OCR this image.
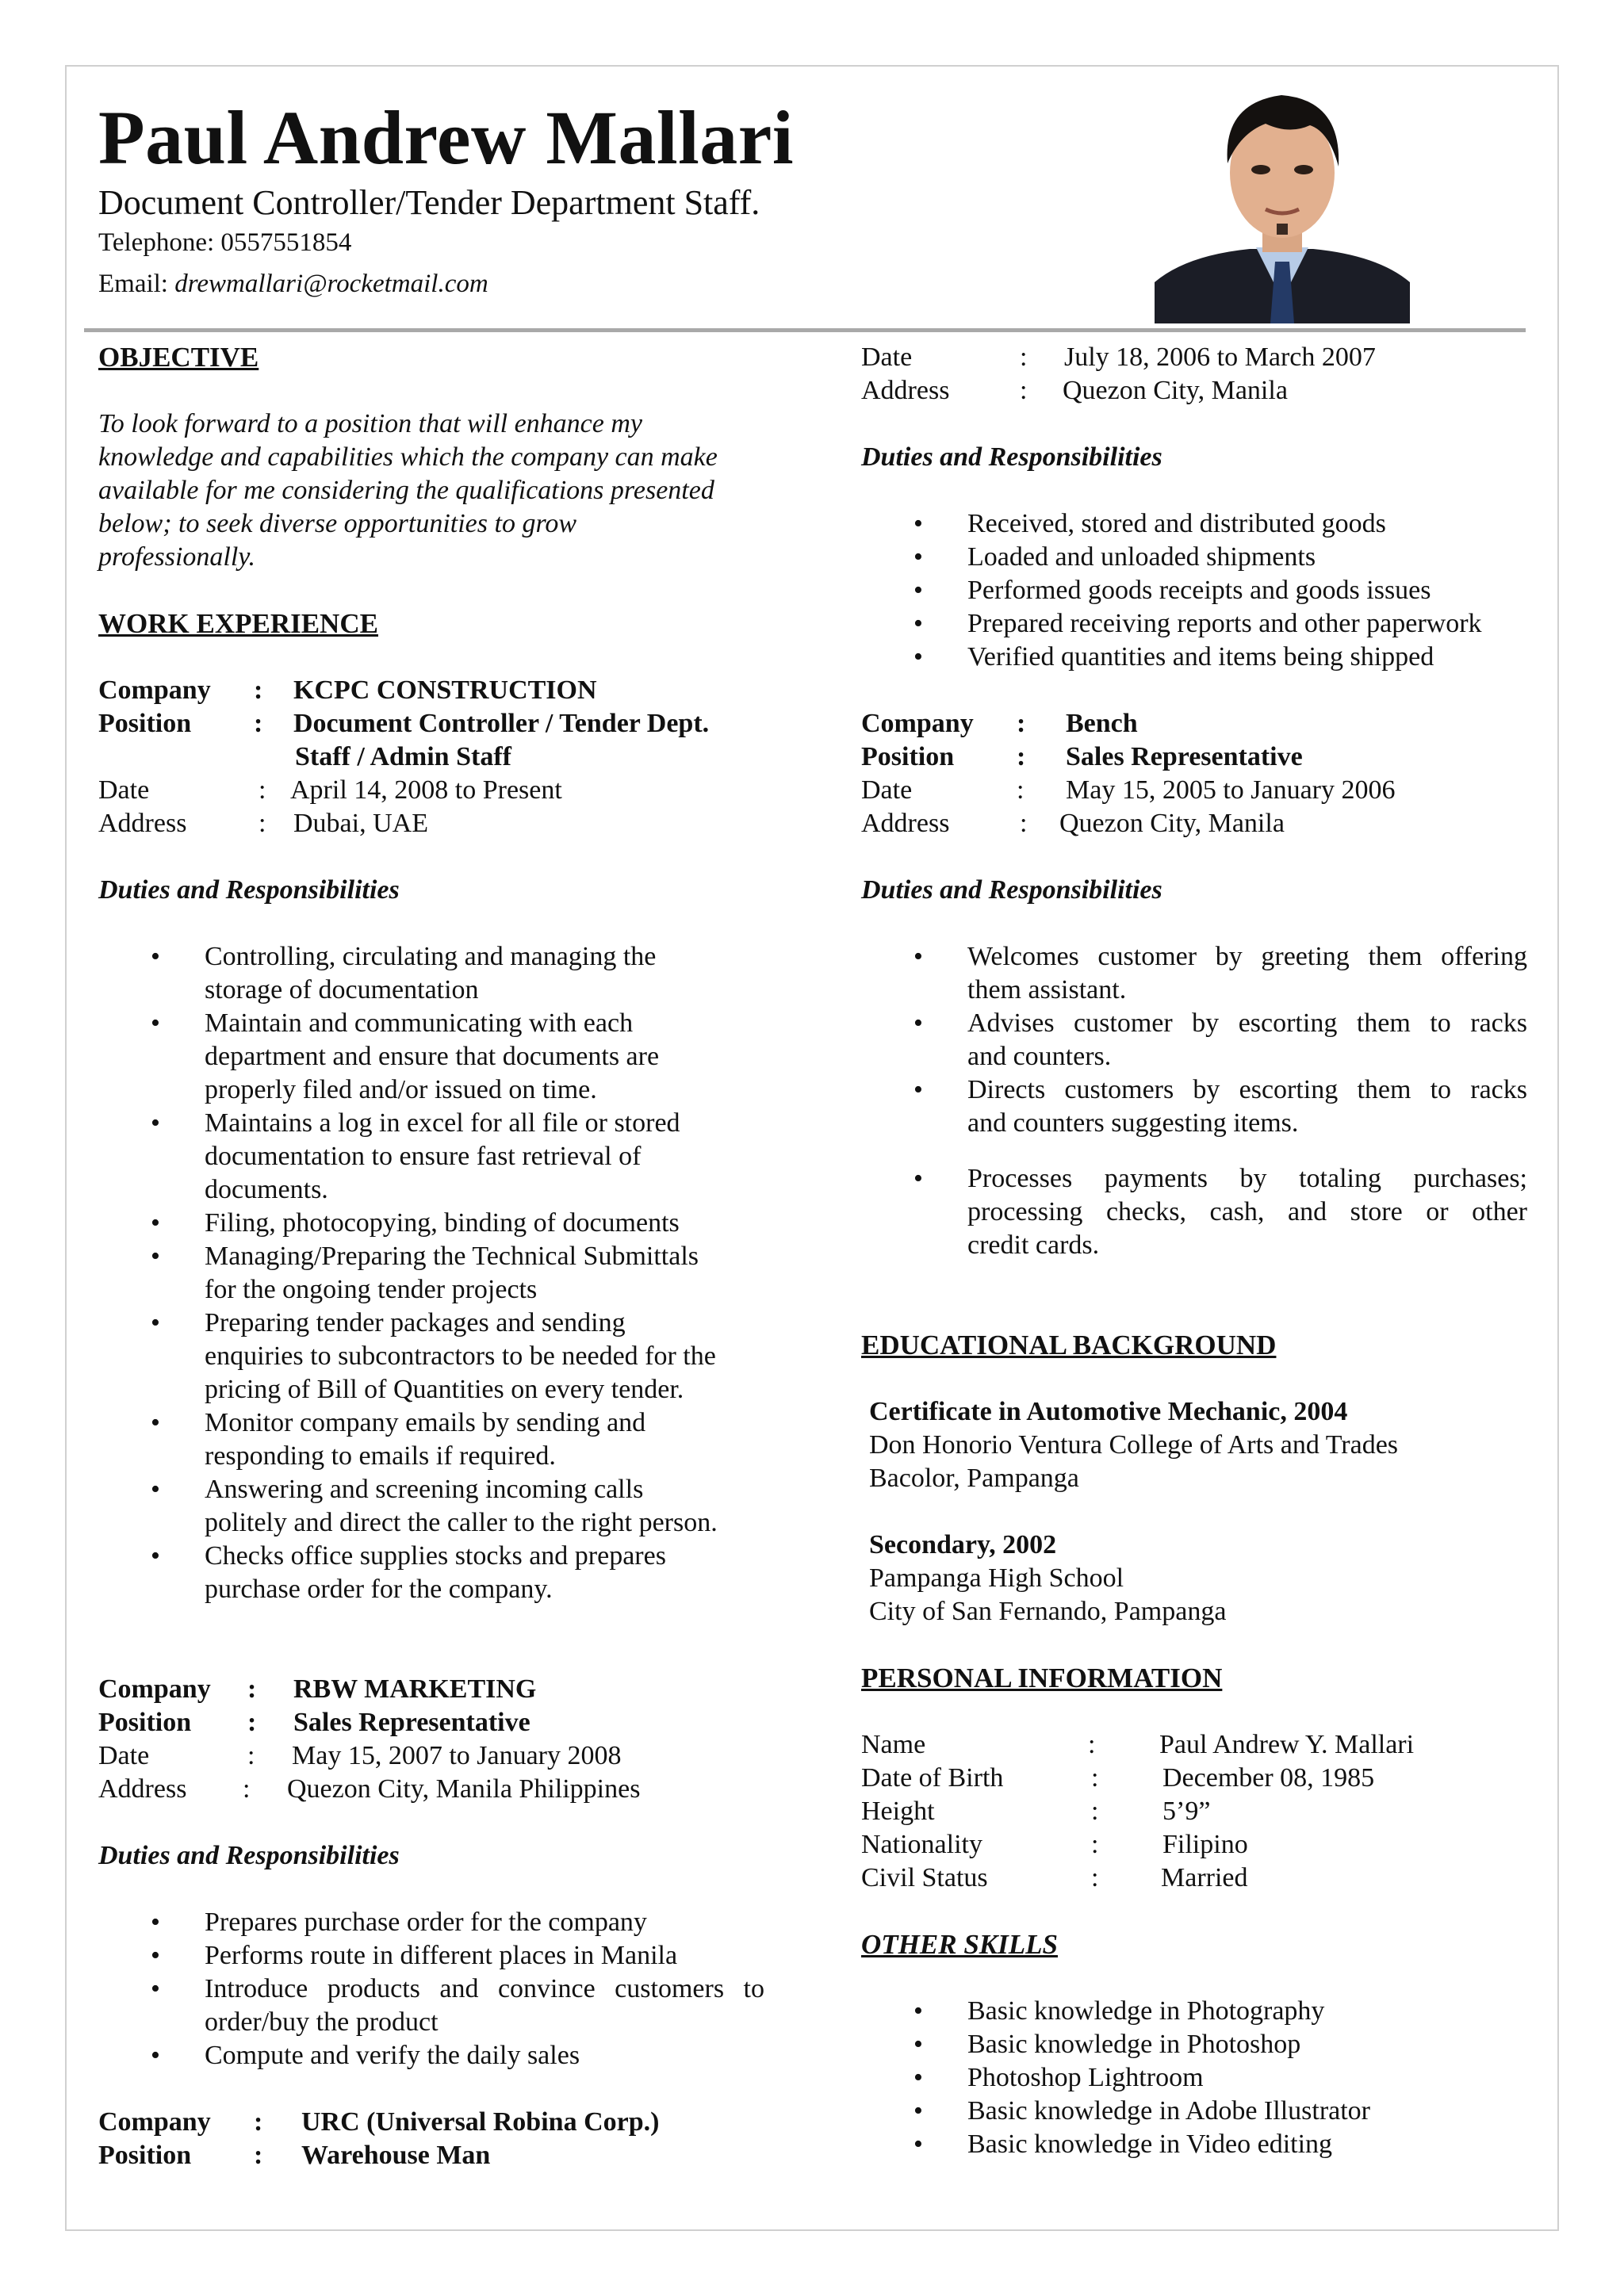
Paul Andrew Mallari
Document Controller/Tender Department Staff.
Telephone: 0557551854
Email: drewmallari@rocketmail.com
OBJECTIVE
To look forward to a position that will enhance my
knowledge and capabilities which the company can make
available for me considering the qualifications presented
below; to seek diverse opportunities to grow
professionally.
WORK EXPERIENCE
Company	:	KCPC CONSTRUCTION
Position	:	Document Controller / Tender Dept.
Staff / Admin Staff
Date	: April 14, 2008 to Present
Address	:	Dubai, UAE
Duties and Responsibilities
• Controlling, circulating and managing the
storage of documentation
• Maintain and communicating with each
department and ensure that documents are
properly filed and/or issued on time.
• Maintains a log in excel for all file or stored
documentation to ensure fast retrieval of
documents.
• Filing, photocopying, binding of documents
• Managing/Preparing the Technical Submittals
for the ongoing tender projects
• Preparing tender packages and sending
enquiries to subcontractors to be needed for the
pricing of Bill of Quantities on every tender.
• Monitor company emails by sending and
responding to emails if required.
• Answering and screening incoming calls
politely and direct the caller to the right person.
• Checks office supplies stocks and prepares
purchase order for the company.
Company	:	RBW MARKETING
Position	:	Sales Representative
Date	:	May 15, 2007 to January 2008
Address	:	Quezon City, Manila Philippines
Duties and Responsibilities
• Prepares purchase order for the company
• Performs route in different places in Manila
• Introduce products and convince customers to
order/buy the product
• Compute and verify the daily sales
Company	:	URC (Universal Robina Corp.)
Position	:	Warehouse Man
Date	:	July 18, 2006 to March 2007
Address	:	Quezon City, Manila
Duties and Responsibilities
• Received, stored and distributed goods
• Loaded and unloaded shipments
• Performed goods receipts and goods issues
• Prepared receiving reports and other paperwork
• Verified quantities and items being shipped
Company	:	Bench
Position	:	Sales Representative
Date	:	May 15, 2005 to January 2006
Address	:	Quezon City, Manila
Duties and Responsibilities
• Welcomes customer by greeting them offering
them assistant.
• Advises customer by escorting them to racks
and counters.
• Directs customers by escorting them to racks
and counters suggesting items.
• Processes payments by totaling purchases;
processing checks, cash, and store or other
credit cards.
EDUCATIONAL BACKGROUND
Certificate in Automotive Mechanic, 2004
Don Honorio Ventura College of Arts and Trades
Bacolor, Pampanga
Secondary, 2002
Pampanga High School
City of San Fernando, Pampanga
PERSONAL INFORMATION
Name	:	Paul Andrew Y. Mallari
Date of Birth	:	December 08, 1985
Height	:	5’9”
Nationality	:	Filipino
Civil Status	:	Married
OTHER SKILLS
• Basic knowledge in Photography
• Basic knowledge in Photoshop
• Photoshop Lightroom
• Basic knowledge in Adobe Illustrator
• Basic knowledge in Video editing
